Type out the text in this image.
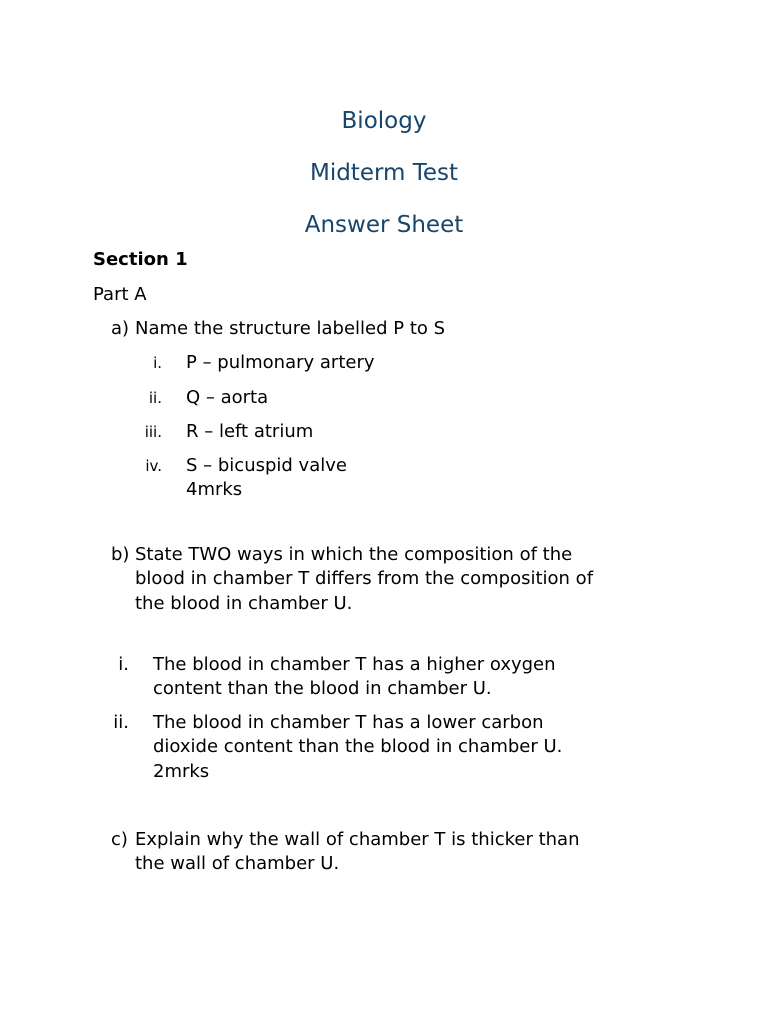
Biology
Midterm Test
Answer Sheet
Section 1
Part A
a) Name the structure labelled P to S
i. P – pulmonary artery
ii. Q – aorta
iii. R – left atrium
iv. S – bicuspid valve
4mrks
b) State TWO ways in which the composition of the
blood in chamber T differs from the composition of
the blood in chamber U.
i. The blood in chamber T has a higher oxygen
content than the blood in chamber U.
ii. The blood in chamber T has a lower carbon
dioxide content than the blood in chamber U.
2mrks
c) Explain why the wall of chamber T is thicker than
the wall of chamber U.
